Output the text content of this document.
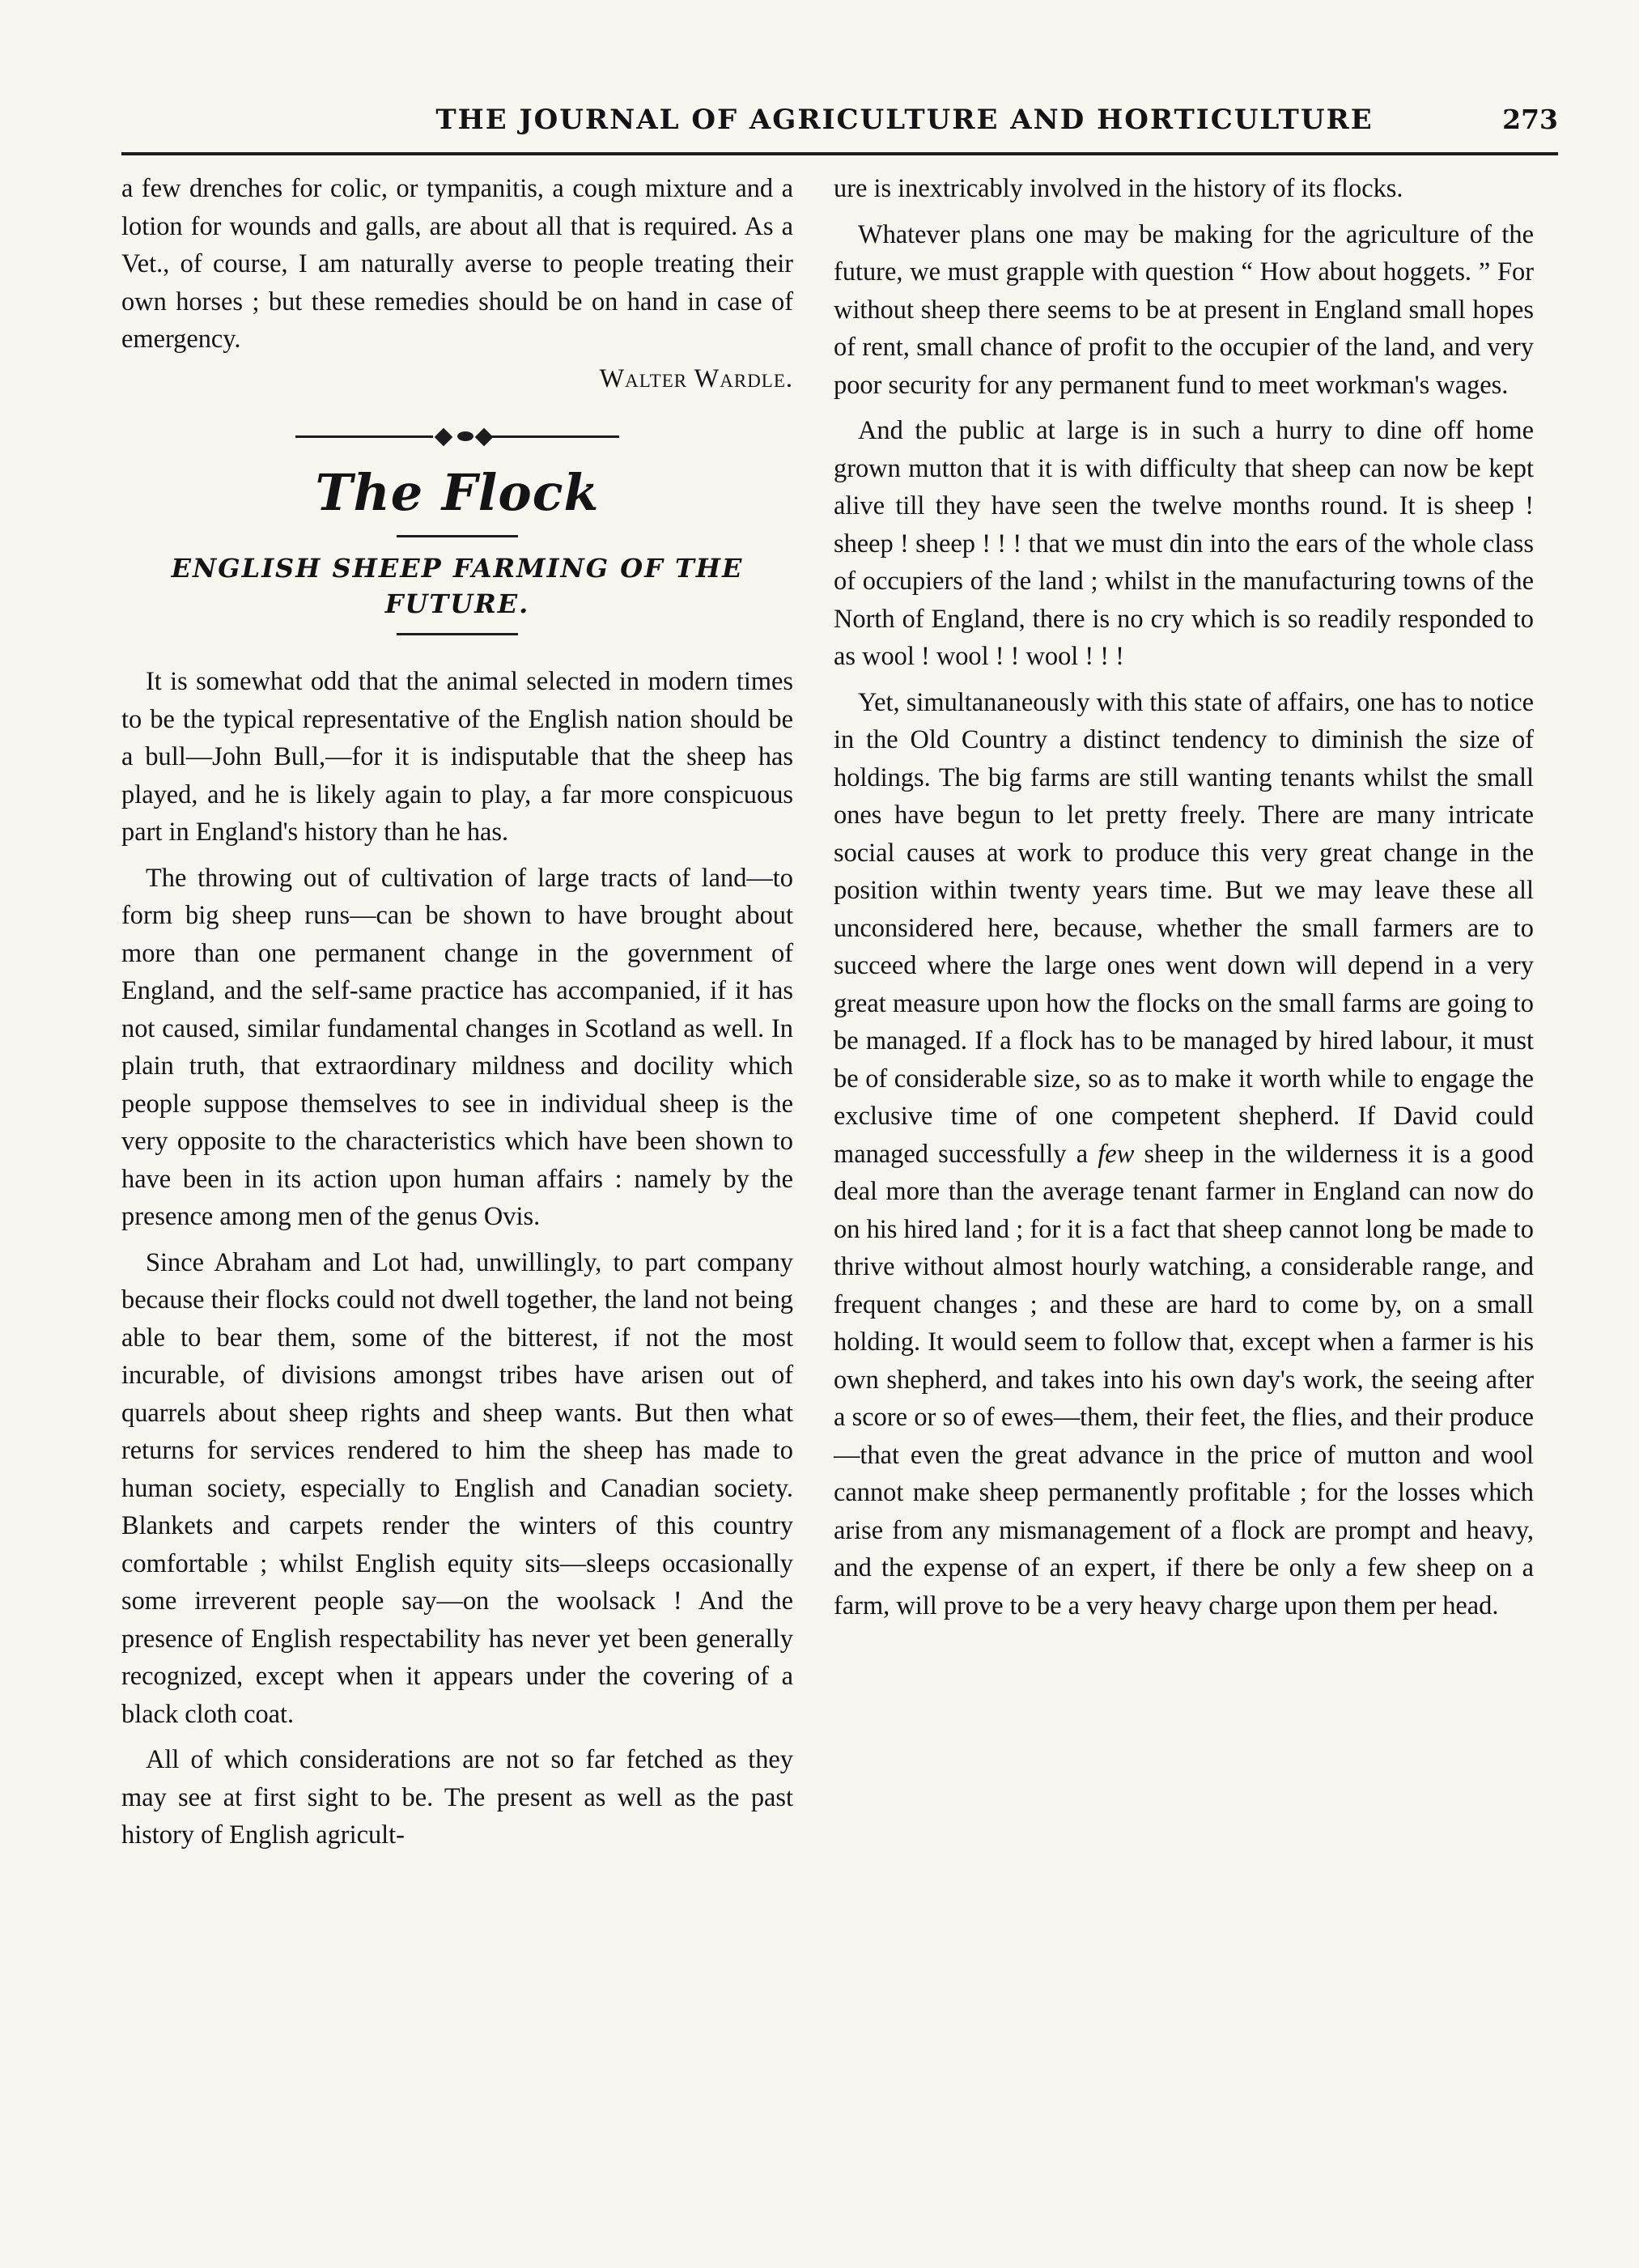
THE JOURNAL OF AGRICULTURE AND HORTICULTURE	273

a few drenches for colic, or tympanitis, a cough mixture and a lotion for wounds and galls, are about all that is required. As a Vet., of course, I am naturally averse to people treating their own horses ; but these remedies should be on hand in case of emergency.

Walter Wardle.

The Flock
ENGLISH SHEEP FARMING OF THE FUTURE.

It is somewhat odd that the animal selected in modern times to be the typical representative of the English nation should be a bull—John Bull,—for it is indisputable that the sheep has played, and he is likely again to play, a far more conspicuous part in England's history than he has.

The throwing out of cultivation of large tracts of land—to form big sheep runs—can be shown to have brought about more than one permanent change in the government of England, and the self-same practice has accompanied, if it has not caused, similar fundamental changes in Scotland as well. In plain truth, that extraordinary mildness and docility which people suppose themselves to see in individual sheep is the very opposite to the characteristics which have been shown to have been in its action upon human affairs : namely by the presence among men of the genus Ovis.

Since Abraham and Lot had, unwillingly, to part company because their flocks could not dwell together, the land not being able to bear them, some of the bitterest, if not the most incurable, of divisions amongst tribes have arisen out of quarrels about sheep rights and sheep wants. But then what returns for services rendered to him the sheep has made to human society, especially to English and Canadian society. Blankets and carpets render the winters of this country comfortable ; whilst English equity sits—sleeps occasionally some irreverent people say—on the woolsack ! And the presence of English respectability has never yet been generally recognized, except when it appears under the covering of a black cloth coat.

All of which considerations are not so far fetched as they may see at first sight to be. The present as well as the past history of English agricult-

ure is inextricably involved in the history of its flocks.

Whatever plans one may be making for the agriculture of the future, we must grapple with question “ How about hoggets. ” For without sheep there seems to be at present in England small hopes of rent, small chance of profit to the occupier of the land, and very poor security for any permanent fund to meet workman's wages.

And the public at large is in such a hurry to dine off home grown mutton that it is with difficulty that sheep can now be kept alive till they have seen the twelve months round. It is sheep ! sheep ! sheep ! ! ! that we must din into the ears of the whole class of occupiers of the land ; whilst in the manufacturing towns of the North of England, there is no cry which is so readily responded to as wool ! wool ! ! wool ! ! !

Yet, simultananeously with this state of affairs, one has to notice in the Old Country a distinct tendency to diminish the size of holdings. The big farms are still wanting tenants whilst the small ones have begun to let pretty freely. There are many intricate social causes at work to produce this very great change in the position within twenty years time. But we may leave these all unconsidered here, because, whether the small farmers are to succeed where the large ones went down will depend in a very great measure upon how the flocks on the small farms are going to be managed. If a flock has to be managed by hired labour, it must be of considerable size, so as to make it worth while to engage the exclusive time of one competent shepherd. If David could managed successfully a few sheep in the wilderness it is a good deal more than the average tenant farmer in England can now do on his hired land ; for it is a fact that sheep cannot long be made to thrive without almost hourly watching, a considerable range, and frequent changes ; and these are hard to come by, on a small holding. It would seem to follow that, except when a farmer is his own shepherd, and takes into his own day's work, the seeing after a score or so of ewes—them, their feet, the flies, and their produce—that even the great advance in the price of mutton and wool cannot make sheep permanently profitable ; for the losses which arise from any mismanagement of a flock are prompt and heavy, and the expense of an expert, if there be only a few sheep on a farm, will prove to be a very heavy charge upon them per head.
